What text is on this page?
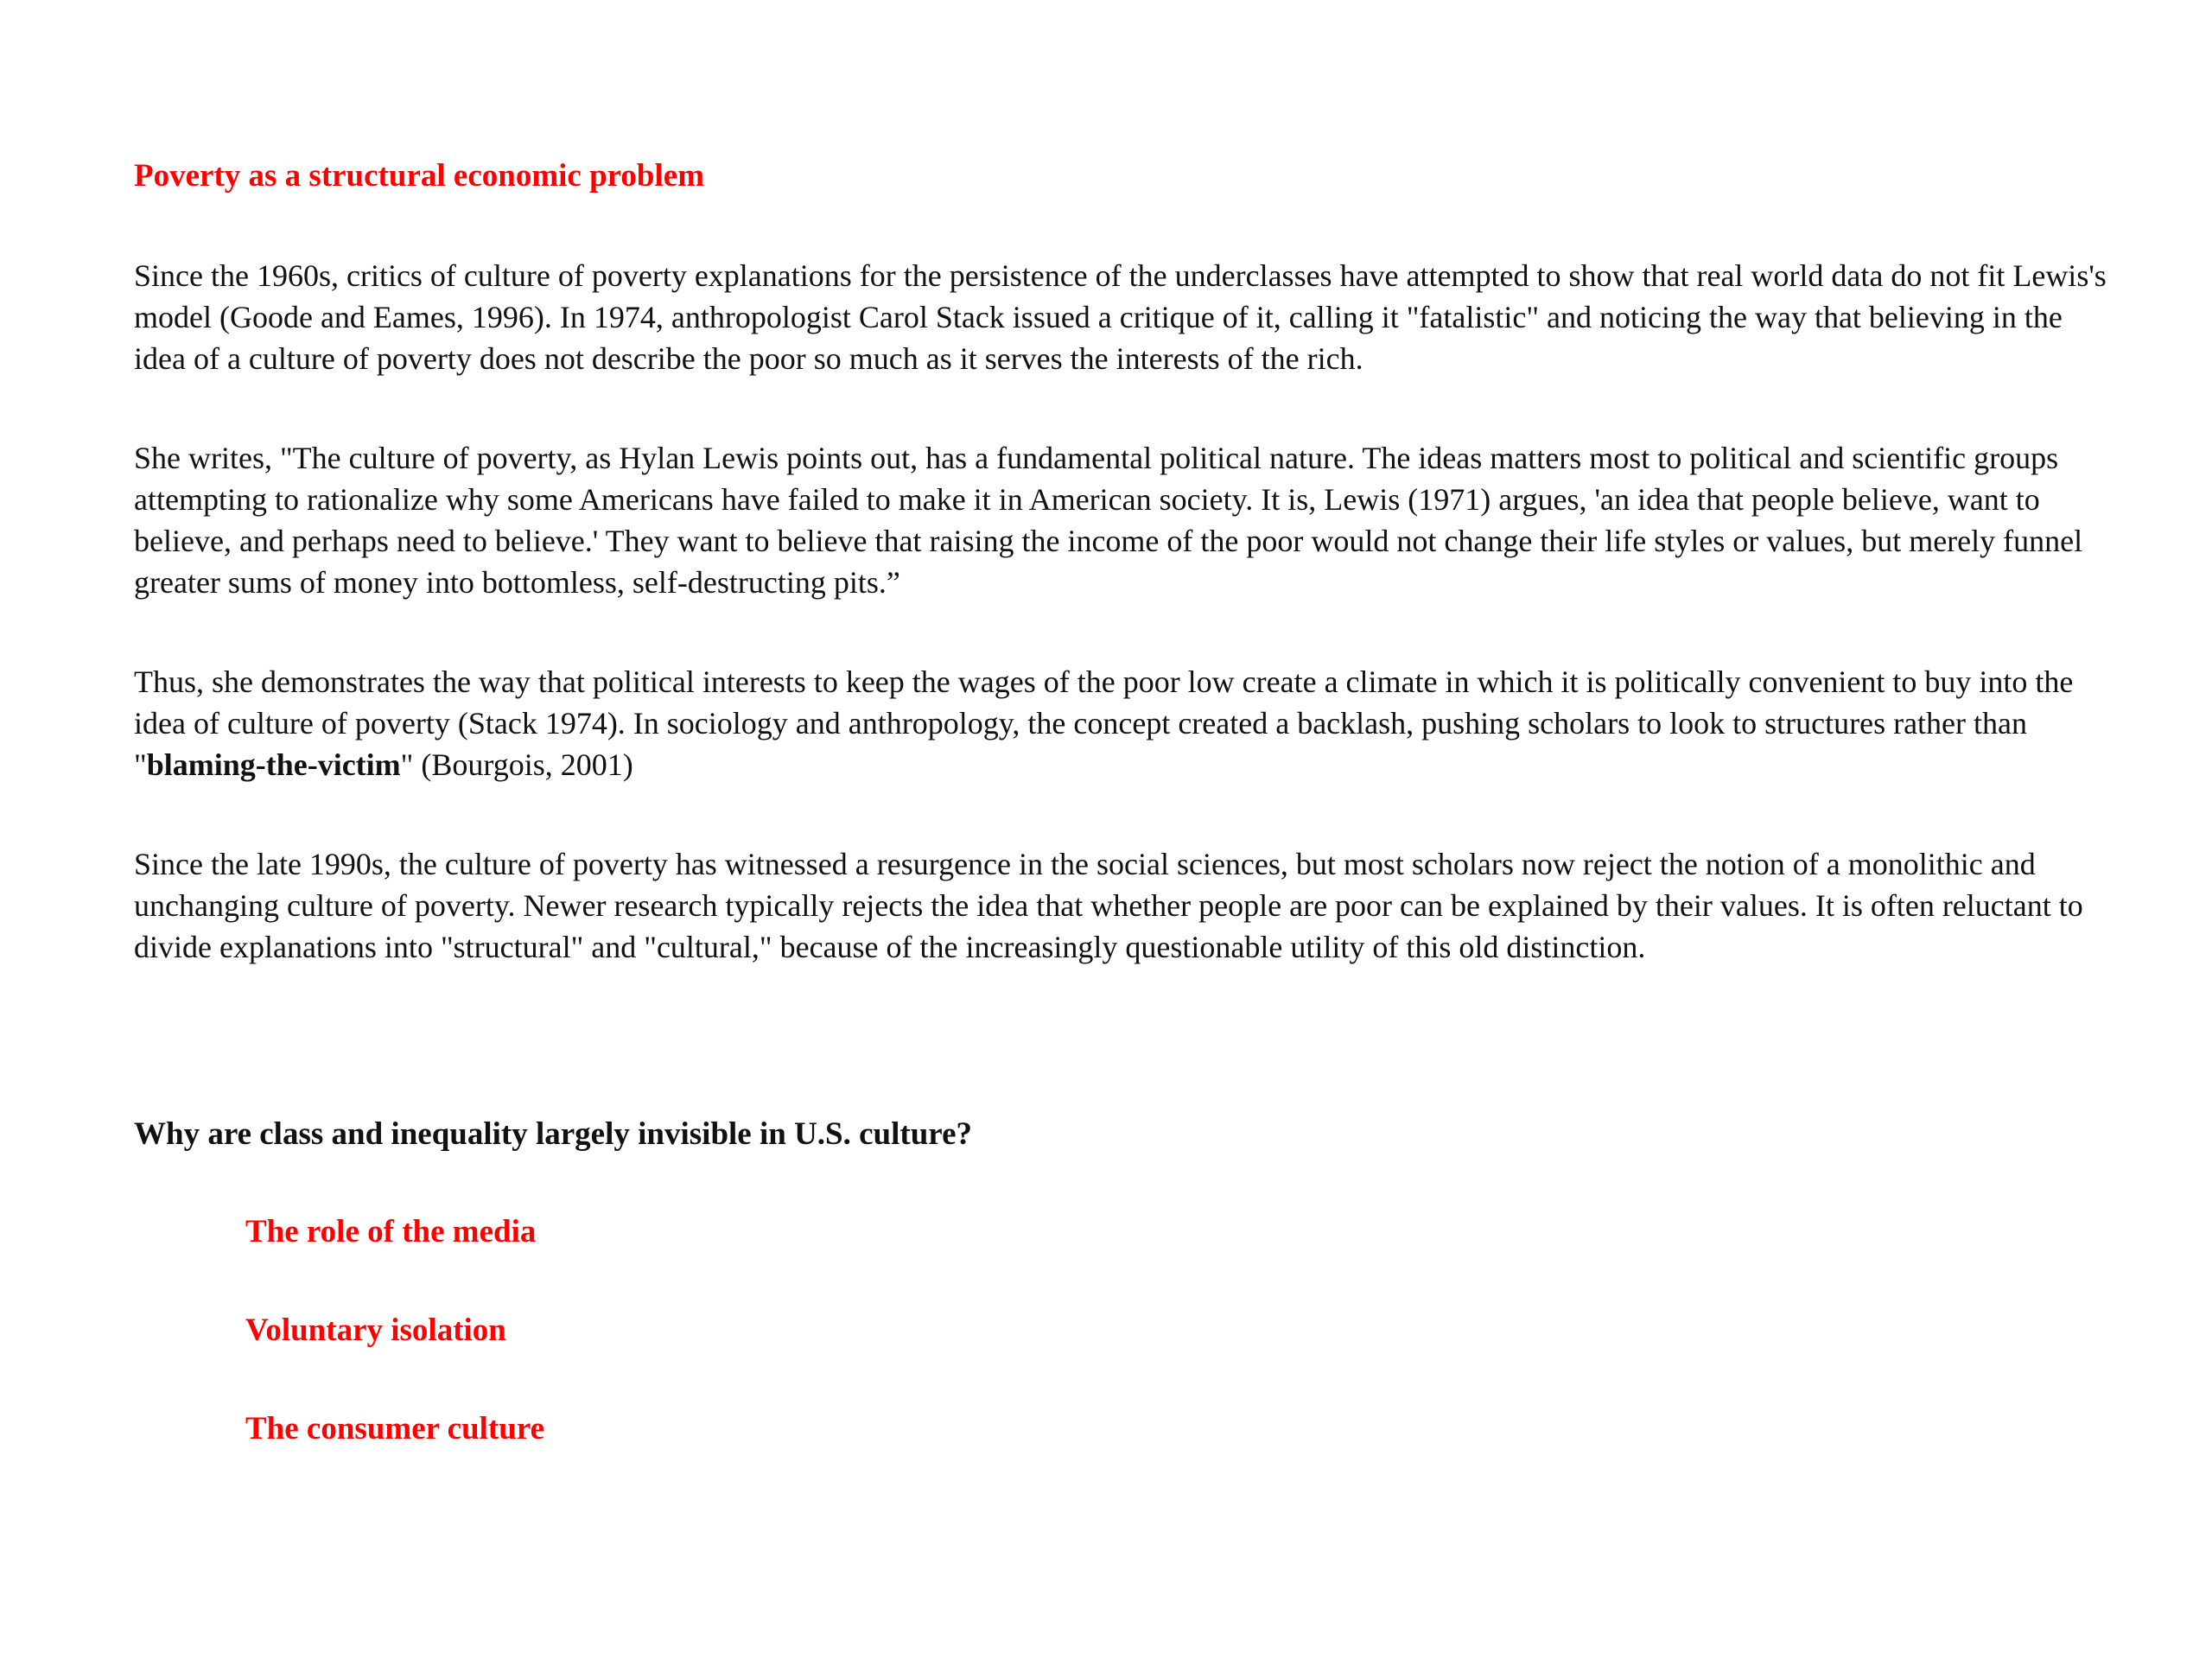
Poverty as a structural economic problem

Since the 1960s, critics of culture of poverty explanations for the persistence of the underclasses have attempted to show that real world data do not fit Lewis's model (Goode and Eames, 1996). In 1974, anthropologist Carol Stack issued a critique of it, calling it "fatalistic" and noticing the way that believing in the idea of a culture of poverty does not describe the poor so much as it serves the interests of the rich.

She writes, "The culture of poverty, as Hylan Lewis points out, has a fundamental political nature. The ideas matters most to political and scientific groups attempting to rationalize why some Americans have failed to make it in American society. It is, Lewis (1971) argues, 'an idea that people believe, want to believe, and perhaps need to believe.' They want to believe that raising the income of the poor would not change their life styles or values, but merely funnel greater sums of money into bottomless, self-destructing pits.”

Thus, she demonstrates the way that political interests to keep the wages of the poor low create a climate in which it is politically convenient to buy into the idea of culture of poverty (Stack 1974). In sociology and anthropology, the concept created a backlash, pushing scholars to look to structures rather than "blaming-the-victim" (Bourgois, 2001)

Since the late 1990s, the culture of poverty has witnessed a resurgence in the social sciences, but most scholars now reject the notion of a monolithic and unchanging culture of poverty. Newer research typically rejects the idea that whether people are poor can be explained by their values. It is often reluctant to divide explanations into "structural" and "cultural," because of the increasingly questionable utility of this old distinction.

Why are class and inequality largely invisible in U.S. culture?
The role of the media
Voluntary isolation
The consumer culture
